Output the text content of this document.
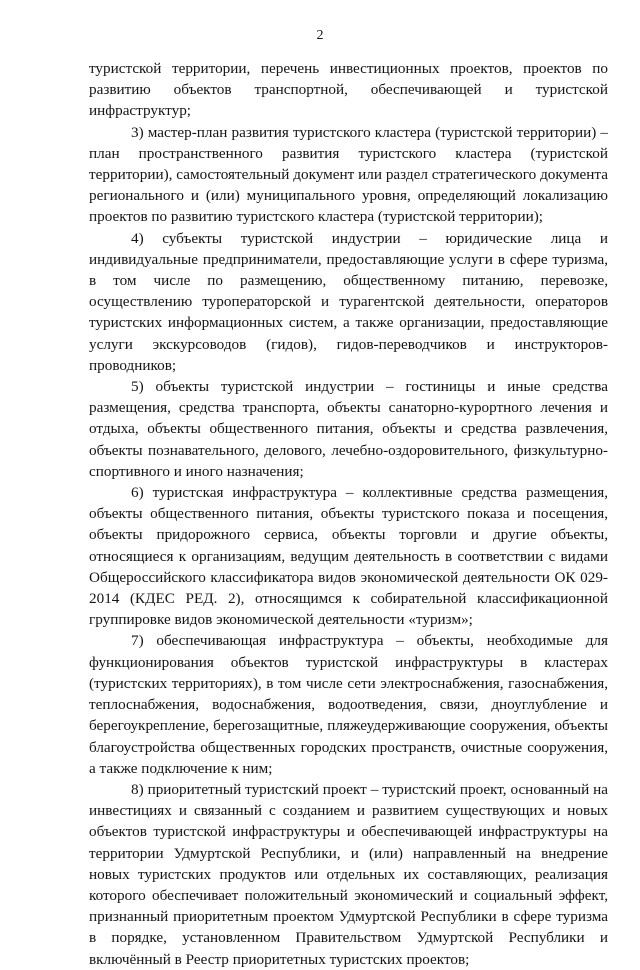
2

туристской территории, перечень инвестиционных проектов, проектов по развитию объектов транспортной, обеспечивающей и туристской инфраструктур;

3) мастер-план развития туристского кластера (туристской территории) – план пространственного развития туристского кластера (туристской территории), самостоятельный документ или раздел стратегического документа регионального и (или) муниципального уровня, определяющий локализацию проектов по развитию туристского кластера (туристской территории);

4) субъекты туристской индустрии – юридические лица и индивидуальные предприниматели, предоставляющие услуги в сфере туризма, в том числе по размещению, общественному питанию, перевозке, осуществлению туроператорской и турагентской деятельности, операторов туристских информационных систем, а также организации, предоставляющие услуги экскурсоводов (гидов), гидов-переводчиков и инструкторов-проводников;

5) объекты туристской индустрии – гостиницы и иные средства размещения, средства транспорта, объекты санаторно-курортного лечения и отдыха, объекты общественного питания, объекты и средства развлечения, объекты познавательного, делового, лечебно-оздоровительного, физкультурно-спортивного и иного назначения;

6) туристская инфраструктура – коллективные средства размещения, объекты общественного питания, объекты туристского показа и посещения, объекты придорожного сервиса, объекты торговли и другие объекты, относящиеся к организациям, ведущим деятельность в соответствии с видами Общероссийского классификатора видов экономической деятельности ОК 029-2014 (КДЕС РЕД. 2), относящимся к собирательной классификационной группировке видов экономической деятельности «туризм»;

7) обеспечивающая инфраструктура – объекты, необходимые для функционирования объектов туристской инфраструктуры в кластерах (туристских территориях), в том числе сети электроснабжения, газоснабжения, теплоснабжения, водоснабжения, водоотведения, связи, дноуглубление и берегоукрепление, берегозащитные, пляжеудерживающие сооружения, объекты благоустройства общественных городских пространств, очистные сооружения, а также подключение к ним;

8) приоритетный туристский проект – туристский проект, основанный на инвестициях и связанный с созданием и развитием существующих и новых объектов туристской инфраструктуры и обеспечивающей инфраструктуры на территории Удмуртской Республики, и (или) направленный на внедрение новых туристских продуктов или отдельных их составляющих, реализация которого обеспечивает положительный экономический и социальный эффект, признанный приоритетным проектом Удмуртской Республики в сфере туризма в порядке, установленном Правительством Удмуртской Республики и включённый в Реестр приоритетных туристских проектов;
